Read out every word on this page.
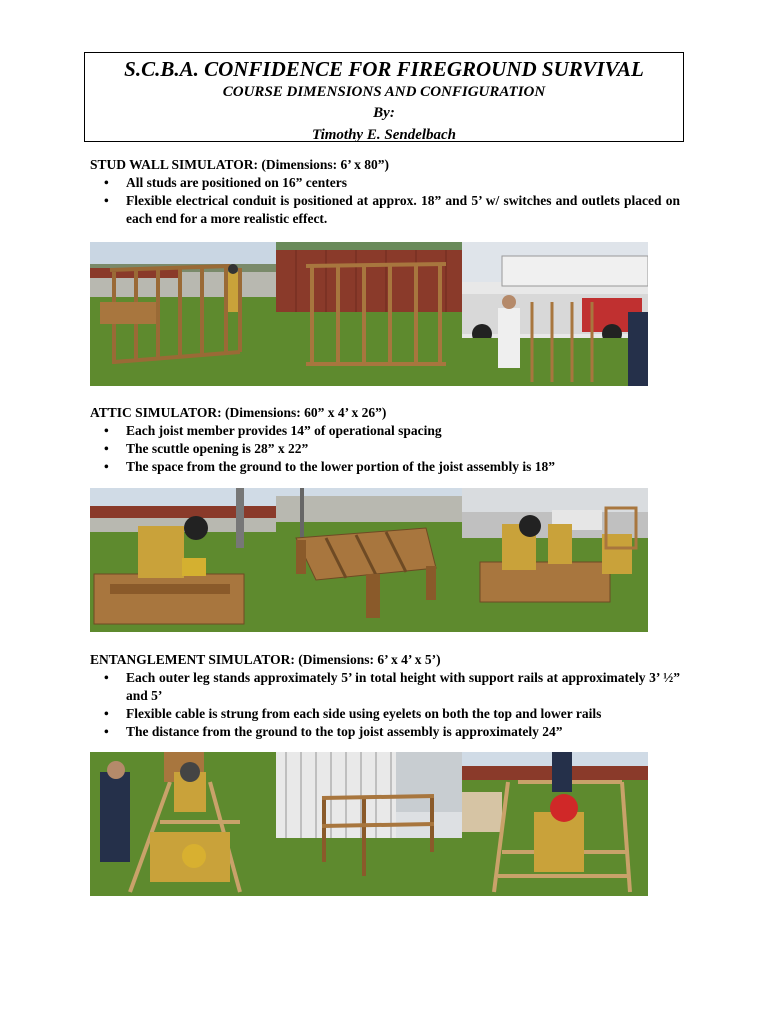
S.C.B.A. CONFIDENCE FOR FIREGROUND SURVIVAL
COURSE DIMENSIONS AND CONFIGURATION
By:
Timothy E. Sendelbach
STUD WALL SIMULATOR: (Dimensions: 6’ x 80”)
• All studs are positioned on 16” centers
• Flexible electrical conduit is positioned at approx. 18” and 5’ w/ switches and outlets placed on each end for a more realistic effect.
ATTIC SIMULATOR: (Dimensions: 60” x 4’ x 26”)
• Each joist member provides 14” of operational spacing
• The scuttle opening is 28” x 22”
• The space from the ground to the lower portion of the joist assembly is 18”
ENTANGLEMENT SIMULATOR: (Dimensions: 6’ x 4’ x 5’)
• Each outer leg stands approximately 5’ in total height with support rails at approximately 3’ ½” and 5’
• Flexible cable is strung from each side using eyelets on both the top and lower rails
• The distance from the ground to the top joist assembly is approximately 24”
